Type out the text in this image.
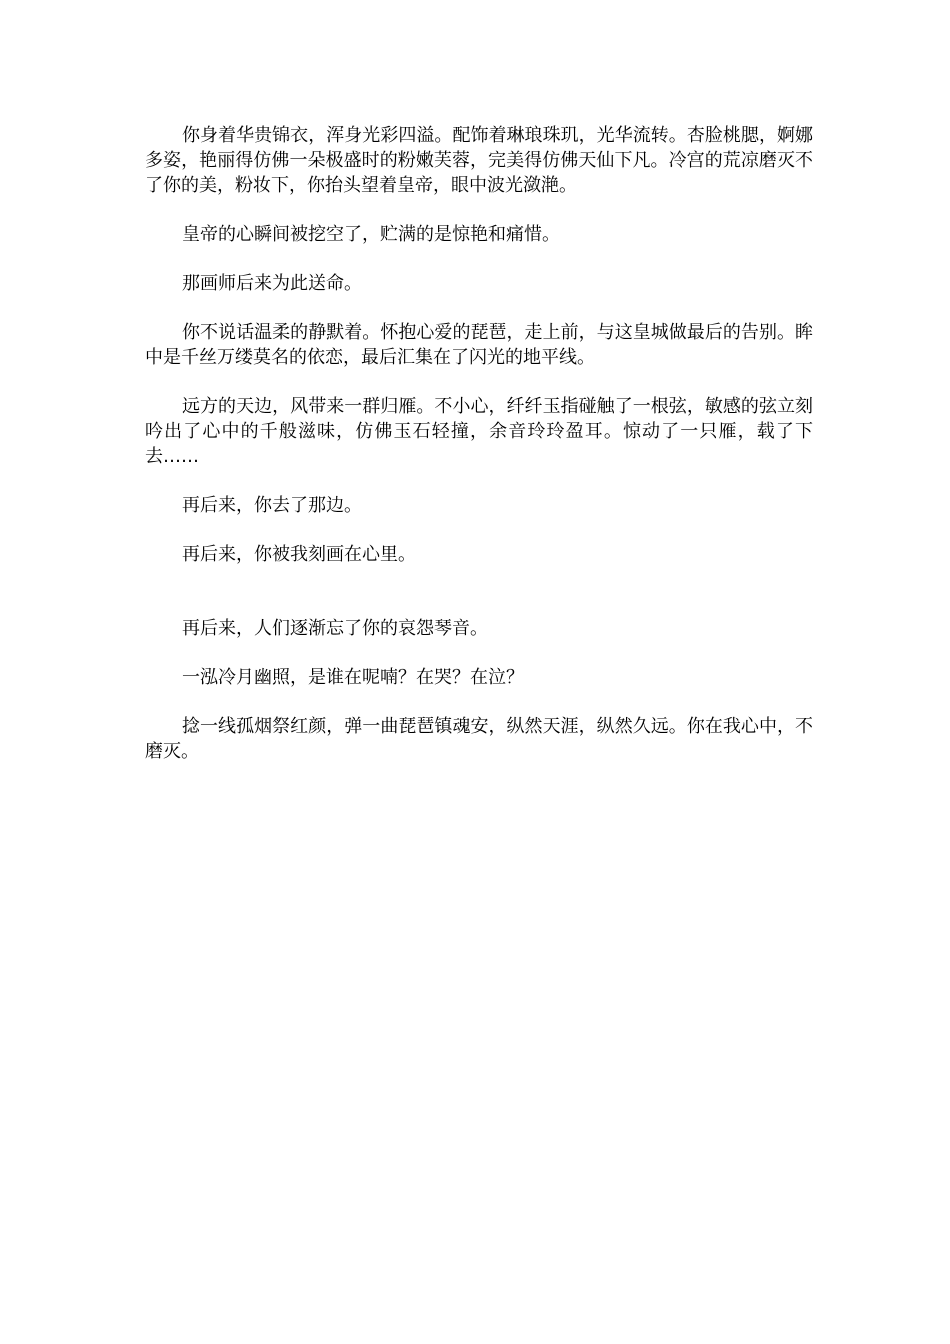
你身着华贵锦衣，浑身光彩四溢。配饰着琳琅珠玑，光华流转。杏脸桃腮，婀娜多姿，艳丽得仿佛一朵极盛时的粉嫩芙蓉，完美得仿佛天仙下凡。冷宫的荒凉磨灭不了你的美，粉妆下，你抬头望着皇帝，眼中波光潋滟。

皇帝的心瞬间被挖空了，贮满的是惊艳和痛惜。

那画师后来为此送命。

你不说话温柔的静默着。怀抱心爱的琵琶，走上前，与这皇城做最后的告别。眸中是千丝万缕莫名的依恋，最后汇集在了闪光的地平线。

远方的天边，风带来一群归雁。不小心，纤纤玉指碰触了一根弦，敏感的弦立刻吟出了心中的千般滋味，仿佛玉石轻撞，余音玲玲盈耳。惊动了一只雁，载了下去……

再后来，你去了那边。

再后来，你被我刻画在心里。

再后来，人们逐渐忘了你的哀怨琴音。

一泓冷月幽照，是谁在呢喃？在哭？在泣？

捻一线孤烟祭红颜，弹一曲琵琶镇魂安，纵然天涯，纵然久远。你在我心中，不磨灭。
